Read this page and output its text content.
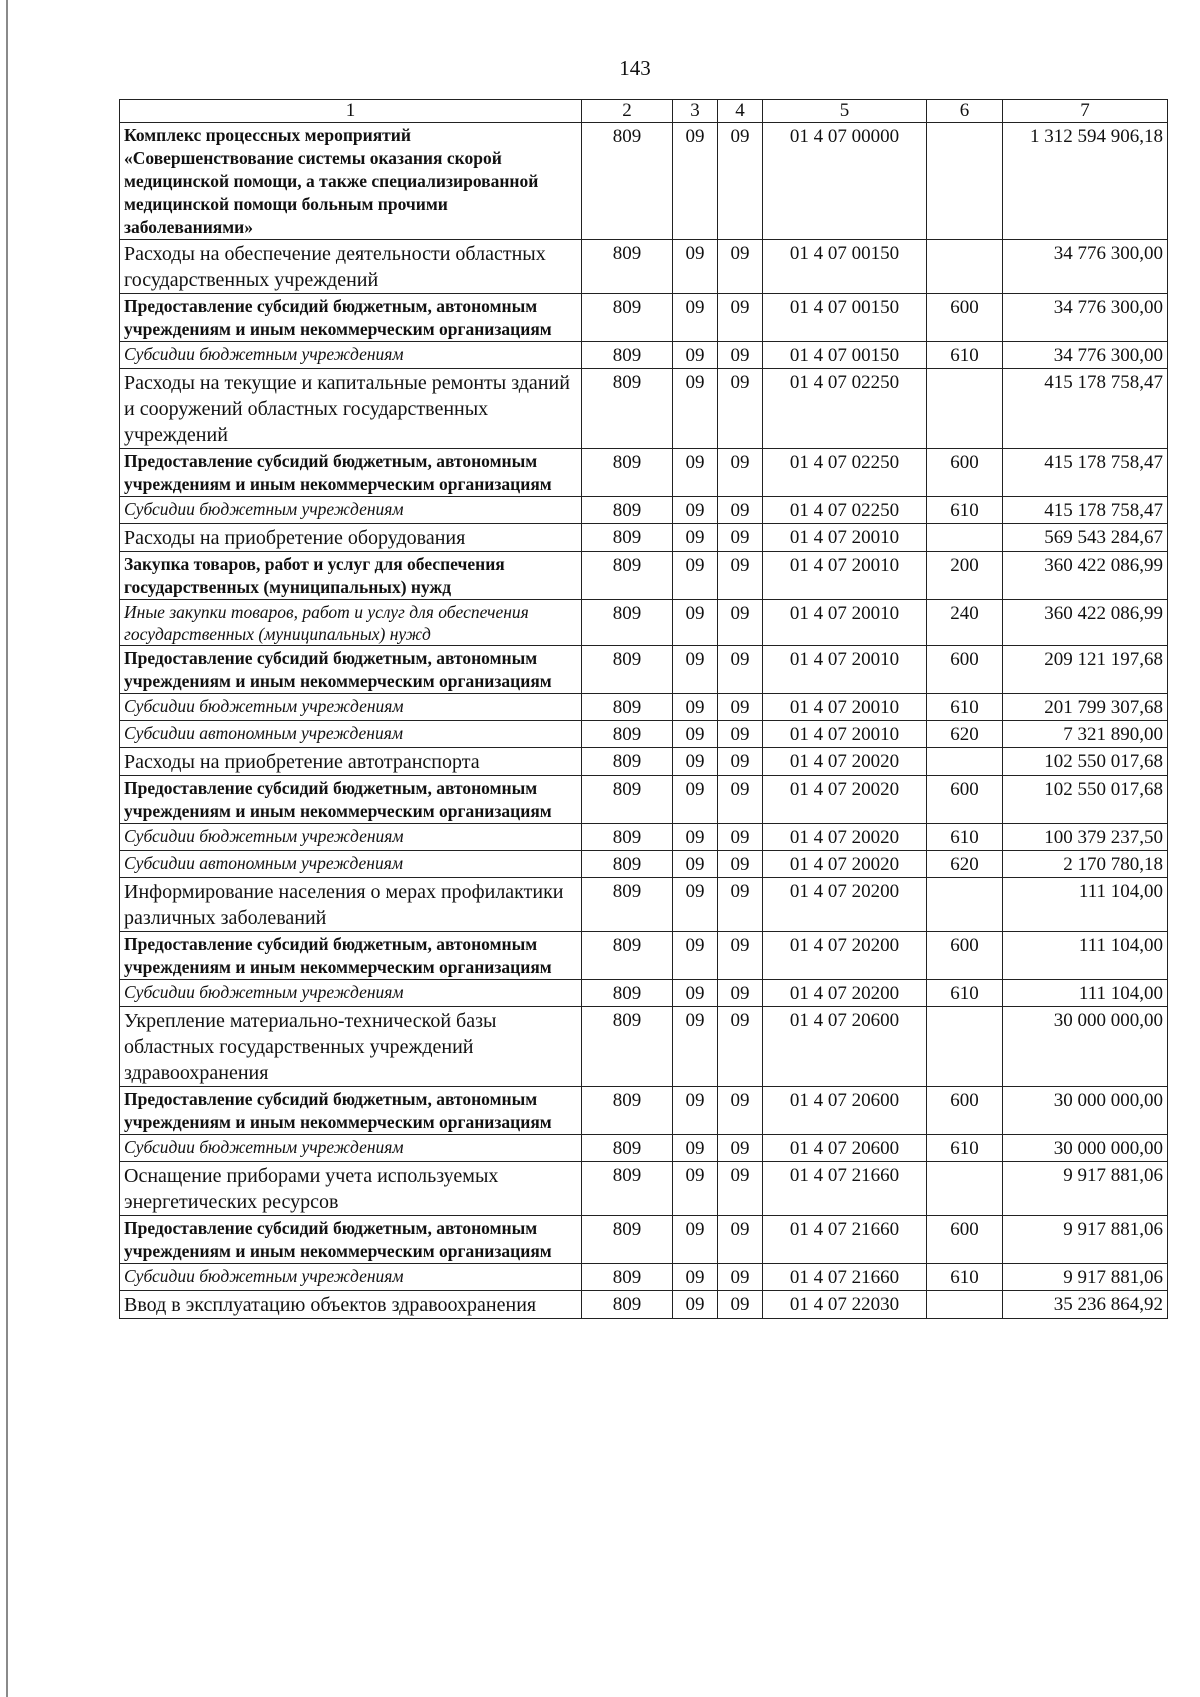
143
1	2	3	4	5	6	7
Комплекс процессных мероприятий «Совершенствование системы оказания скорой медицинской помощи, а также специализированной медицинской помощи больным прочими заболеваниями»	809	09	09	01 4 07 00000		1 312 594 906,18
Расходы на обеспечение деятельности областных государственных учреждений	809	09	09	01 4 07 00150		34 776 300,00
Предоставление субсидий бюджетным, автономным учреждениям и иным некоммерческим организациям	809	09	09	01 4 07 00150	600	34 776 300,00
Субсидии бюджетным учреждениям	809	09	09	01 4 07 00150	610	34 776 300,00
Расходы на текущие и капитальные ремонты зданий и сооружений областных государственных учреждений	809	09	09	01 4 07 02250		415 178 758,47
Предоставление субсидий бюджетным, автономным учреждениям и иным некоммерческим организациям	809	09	09	01 4 07 02250	600	415 178 758,47
Субсидии бюджетным учреждениям	809	09	09	01 4 07 02250	610	415 178 758,47
Расходы на приобретение оборудования	809	09	09	01 4 07 20010		569 543 284,67
Закупка товаров, работ и услуг для обеспечения государственных (муниципальных) нужд	809	09	09	01 4 07 20010	200	360 422 086,99
Иные закупки товаров, работ и услуг для обеспечения государственных (муниципальных) нужд	809	09	09	01 4 07 20010	240	360 422 086,99
Предоставление субсидий бюджетным, автономным учреждениям и иным некоммерческим организациям	809	09	09	01 4 07 20010	600	209 121 197,68
Субсидии бюджетным учреждениям	809	09	09	01 4 07 20010	610	201 799 307,68
Субсидии автономным учреждениям	809	09	09	01 4 07 20010	620	7 321 890,00
Расходы на приобретение автотранспорта	809	09	09	01 4 07 20020		102 550 017,68
Предоставление субсидий бюджетным, автономным учреждениям и иным некоммерческим организациям	809	09	09	01 4 07 20020	600	102 550 017,68
Субсидии бюджетным учреждениям	809	09	09	01 4 07 20020	610	100 379 237,50
Субсидии автономным учреждениям	809	09	09	01 4 07 20020	620	2 170 780,18
Информирование населения о мерах профилактики различных заболеваний	809	09	09	01 4 07 20200		111 104,00
Предоставление субсидий бюджетным, автономным учреждениям и иным некоммерческим организациям	809	09	09	01 4 07 20200	600	111 104,00
Субсидии бюджетным учреждениям	809	09	09	01 4 07 20200	610	111 104,00
Укрепление материально-технической базы областных государственных учреждений здравоохранения	809	09	09	01 4 07 20600		30 000 000,00
Предоставление субсидий бюджетным, автономным учреждениям и иным некоммерческим организациям	809	09	09	01 4 07 20600	600	30 000 000,00
Субсидии бюджетным учреждениям	809	09	09	01 4 07 20600	610	30 000 000,00
Оснащение приборами учета используемых энергетических ресурсов	809	09	09	01 4 07 21660		9 917 881,06
Предоставление субсидий бюджетным, автономным учреждениям и иным некоммерческим организациям	809	09	09	01 4 07 21660	600	9 917 881,06
Субсидии бюджетным учреждениям	809	09	09	01 4 07 21660	610	9 917 881,06
Ввод в эксплуатацию объектов здравоохранения	809	09	09	01 4 07 22030		35 236 864,92
